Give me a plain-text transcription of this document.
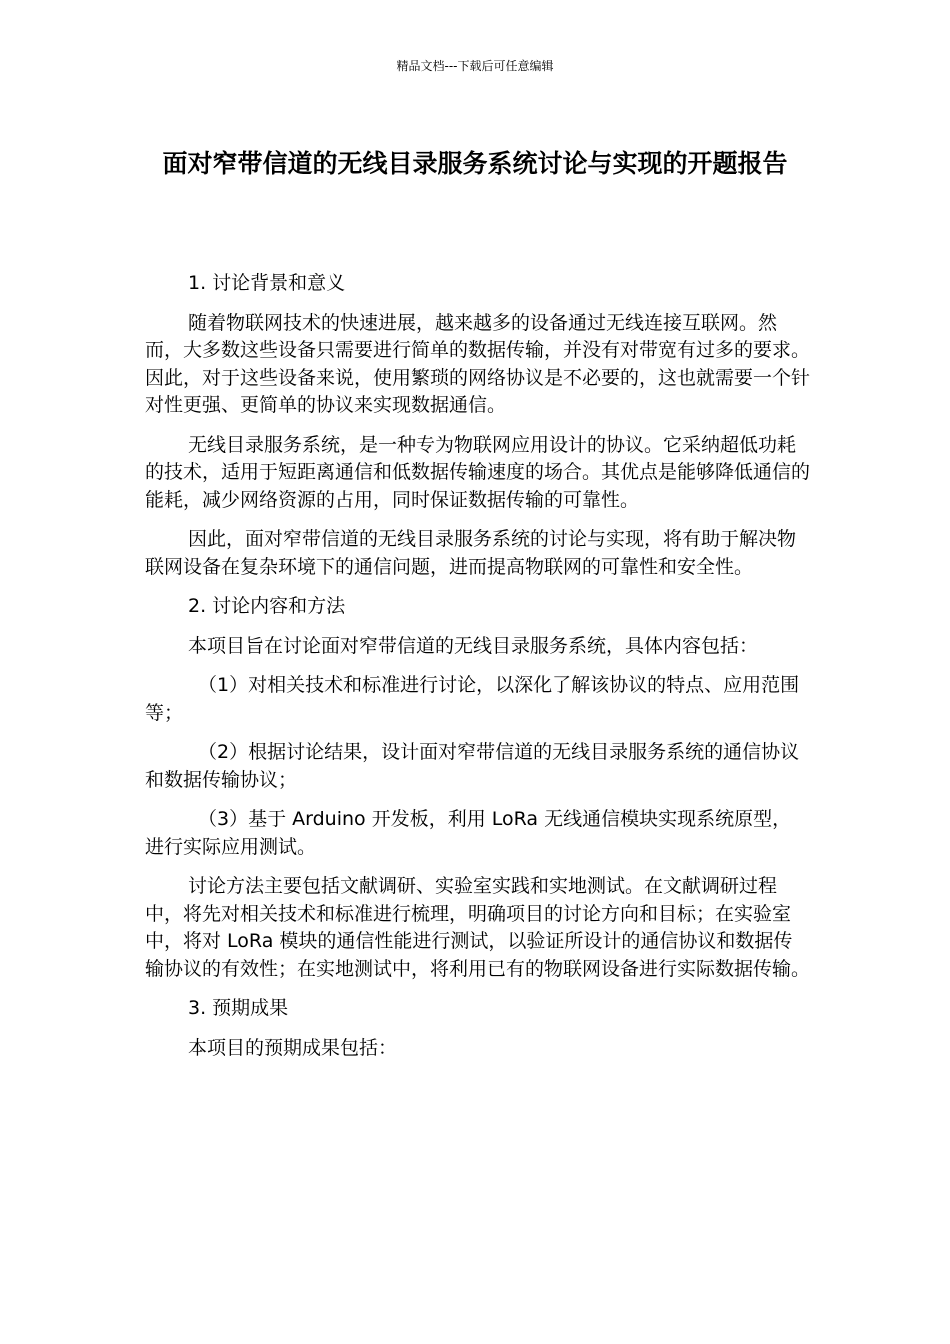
精品文档---下载后可任意编辑
面对窄带信道的无线目录服务系统讨论与实现的开题报告

1. 讨论背景和意义

随着物联网技术的快速进展，越来越多的设备通过无线连接互联网。然而，大多数这些设备只需要进行简单的数据传输，并没有对带宽有过多的要求。因此，对于这些设备来说，使用繁琐的网络协议是不必要的，这也就需要一个针对性更强、更简单的协议来实现数据通信。

无线目录服务系统，是一种专为物联网应用设计的协议。它采纳超低功耗的技术，适用于短距离通信和低数据传输速度的场合。其优点是能够降低通信的能耗，减少网络资源的占用，同时保证数据传输的可靠性。

因此，面对窄带信道的无线目录服务系统的讨论与实现，将有助于解决物联网设备在复杂环境下的通信问题，进而提高物联网的可靠性和安全性。

2. 讨论内容和方法

本项目旨在讨论面对窄带信道的无线目录服务系统，具体内容包括：

（1）对相关技术和标准进行讨论，以深化了解该协议的特点、应用范围等；

（2）根据讨论结果，设计面对窄带信道的无线目录服务系统的通信协议和数据传输协议；

（3）基于 Arduino 开发板，利用 LoRa 无线通信模块实现系统原型，进行实际应用测试。

讨论方法主要包括文献调研、实验室实践和实地测试。在文献调研过程中，将先对相关技术和标准进行梳理，明确项目的讨论方向和目标；在实验室中，将对 LoRa 模块的通信性能进行测试，以验证所设计的通信协议和数据传输协议的有效性；在实地测试中，将利用已有的物联网设备进行实际数据传输。

3. 预期成果

本项目的预期成果包括：
